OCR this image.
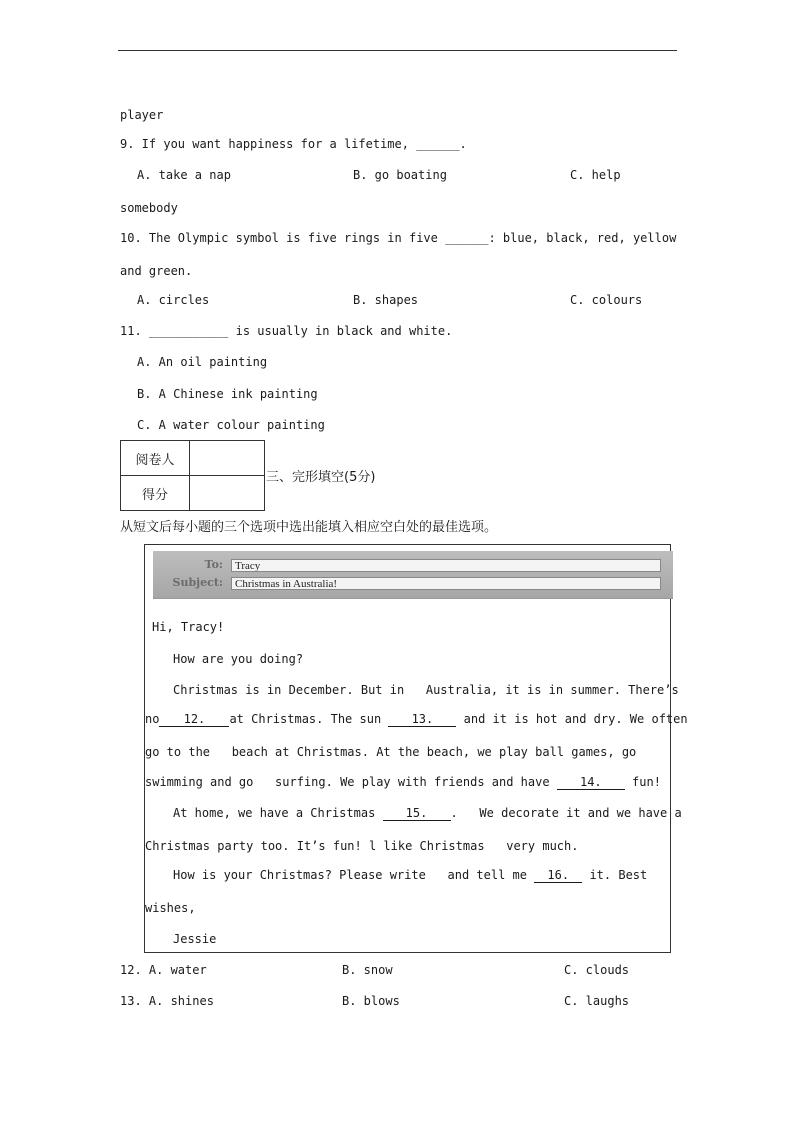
player
9. If you want happiness for a lifetime, ______.
A. take a nap	B. go boating	C. help
somebody
10. The Olympic symbol is five rings in five ______: blue, black, red, yellow
and green.
A. circles	B. shapes	C. colours
11. ___________ is usually in black and white.
A. An oil painting
B. A Chinese ink painting
C. A water colour painting
阅卷人	
得分	
三、完形填空(5分)
从短文后每小题的三个选项中选出能填入相应空白处的最佳选项。
To:	Tracy
Subject:	Christmas in Australia!
Hi, Tracy!
How are you doing?
Christmas is in December. But in   Australia, it is in summer. There’s
no 12. at Christmas. The sun	13.	and it is hot and dry. We often
go to the   beach at Christmas. At the beach, we play ball games, go
swimming and go   surfing. We play with friends and have 14. fun!
At home, we have a Christmas 15. .   We decorate it and we have a
Christmas party too. It’s fun! l like Christmas   very much.
How is your Christmas? Please write   and tell me 16. it. Best
wishes,
Jessie
12. A. water	B. snow	C. clouds
13. A. shines	B. blows	C. laughs
